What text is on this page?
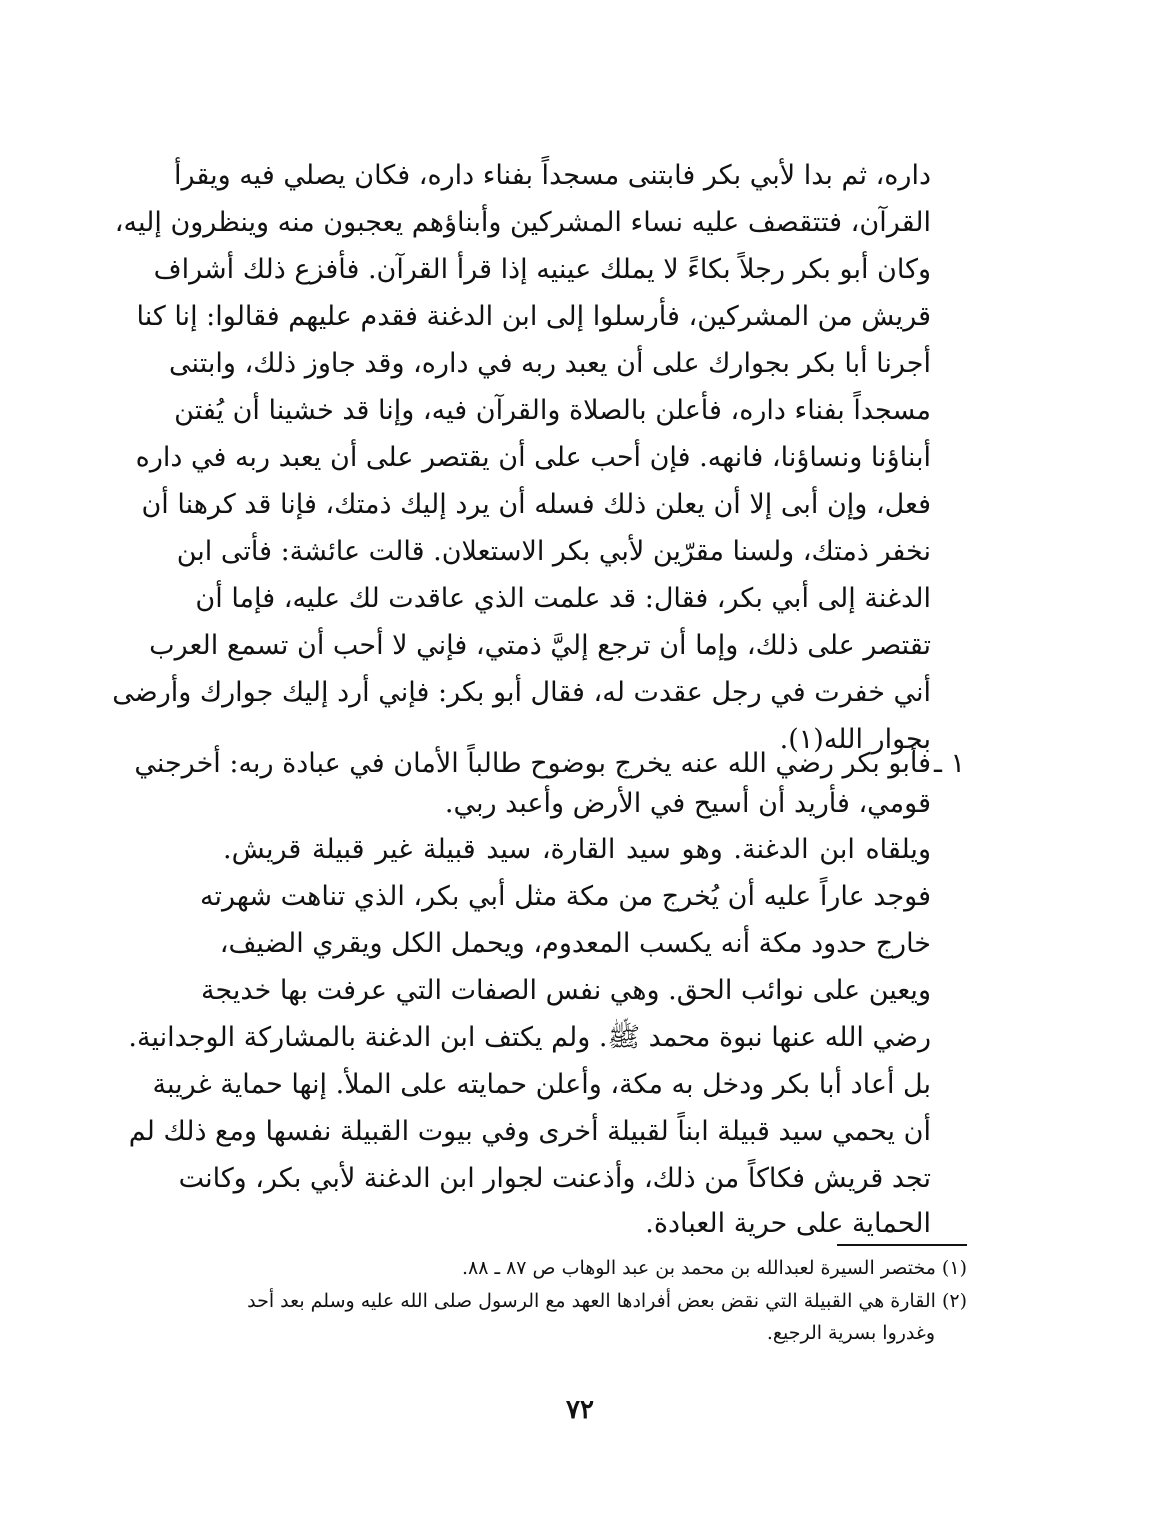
داره، ثم بدا لأبي بكر فابتنى مسجداً بفناء داره، فكان يصلي فيه ويقرأ
القرآن، فتتقصف عليه نساء المشركين وأبناؤهم يعجبون منه وينظرون إليه،
وكان أبو بكر رجلاً بكاءً لا يملك عينيه إذا قرأ القرآن. فأفزع ذلك أشراف
قريش من المشركين، فأرسلوا إلى ابن الدغنة فقدم عليهم فقالوا: إنا كنا
أجرنا أبا بكر بجوارك على أن يعبد ربه في داره، وقد جاوز ذلك، وابتنى
مسجداً بفناء داره، فأعلن بالصلاة والقرآن فيه، وإنا قد خشينا أن يُفتن
أبناؤنا ونساؤنا، فانهه. فإن أحب على أن يقتصر على أن يعبد ربه في داره
فعل، وإن أبى إلا أن يعلن ذلك فسله أن يرد إليك ذمتك، فإنا قد كرهنا أن
نخفر ذمتك، ولسنا مقرّين لأبي بكر الاستعلان. قالت عائشة: فأتى ابن
الدغنة إلى أبي بكر، فقال: قد علمت الذي عاقدت لك عليه، فإما أن
تقتصر على ذلك، وإما أن ترجع إليَّ ذمتي، فإني لا أحب أن تسمع العرب
أني خفرت في رجل عقدت له، فقال أبو بكر: فإني أرد إليك جوارك وأرضى
بجوار الله(١).
١ ـ
فأبو بكر رضي الله عنه يخرج بوضوح طالباً الأمان في عبادة ربه: أخرجني
قومي، فأريد أن أسيح في الأرض وأعبد ربي.
ويلقاه ابن الدغنة. وهو سيد القارة، سيد قبيلة غير قبيلة قريش.
فوجد عاراً عليه أن يُخرج من مكة مثل أبي بكر، الذي تناهت شهرته
خارج حدود مكة أنه يكسب المعدوم، ويحمل الكل ويقري الضيف،
ويعين على نوائب الحق. وهي نفس الصفات التي عرفت بها خديجة
رضي الله عنها نبوة محمد ﷺ. ولم يكتف ابن الدغنة بالمشاركة الوجدانية.
بل أعاد أبا بكر ودخل به مكة، وأعلن حمايته على الملأ. إنها حماية غريبة
أن يحمي سيد قبيلة ابناً لقبيلة أخرى وفي بيوت القبيلة نفسها ومع ذلك لم
تجد قريش فكاكاً من ذلك، وأذعنت لجوار ابن الدغنة لأبي بكر، وكانت
(١) مختصر السيرة لعبدالله بن محمد بن عبد الوهاب ص ٨٧ ـ ٨٨.
(٢) القارة هي القبيلة التي نقض بعض أفرادها العهد مع الرسول صلى الله عليه وسلم بعد أحد
وغدروا بسرية الرجيع.
٧٢
الحماية على حرية العبادة.
